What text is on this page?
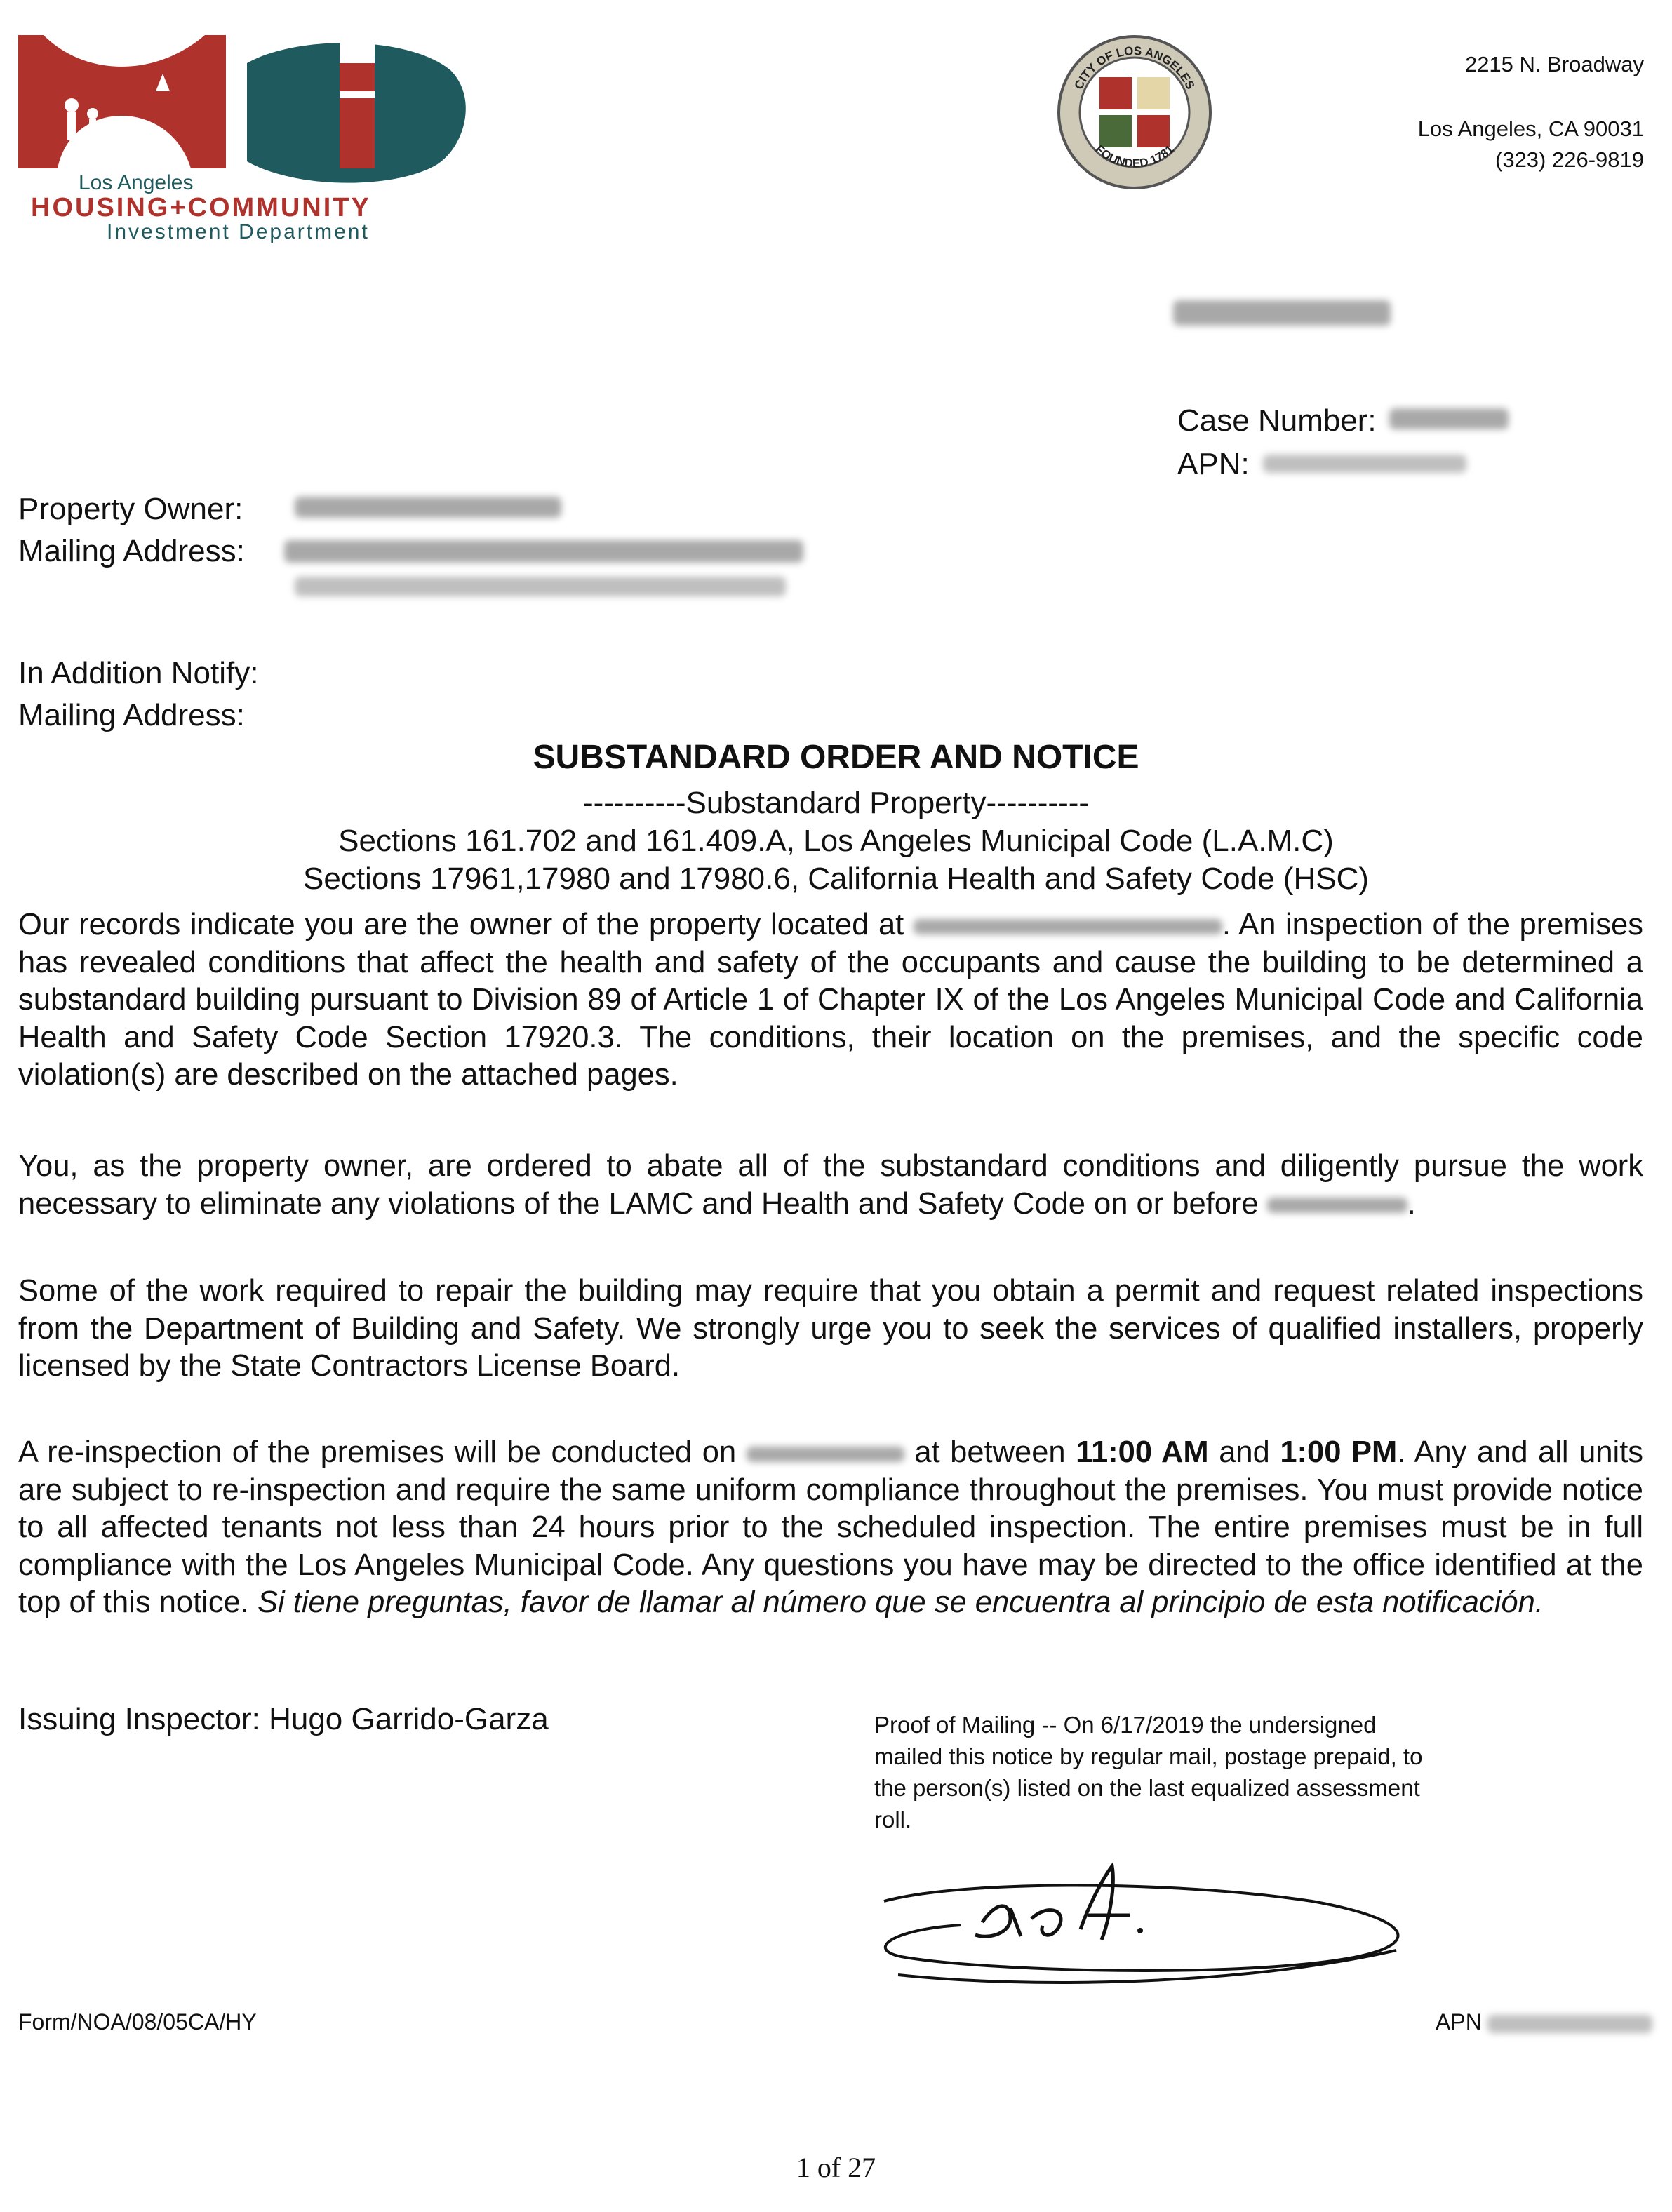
Los Angeles
HOUSING+COMMUNITY
Investment Department
CITY OF LOS ANGELES
FOUNDED 1781
2215 N. Broadway
Los Angeles, CA 90031
(323) 226-9819
Case Number:
APN:
Property Owner:
Mailing Address:
In Addition Notify:
Mailing Address:
SUBSTANDARD ORDER AND NOTICE
----------Substandard Property----------
Sections 161.702 and 161.409.A, Los Angeles Municipal Code (L.A.M.C)
Sections 17961,17980 and 17980.6, California Health and Safety Code (HSC)

Our records indicate you are the owner of the property located at	. An inspection of the premises has revealed conditions that affect the health and safety of the occupants and cause the building to be determined a substandard building pursuant to Division 89 of Article 1 of Chapter IX of the Los Angeles Municipal Code and California Health and Safety Code Section 17920.3. The conditions, their location on the premises, and the specific code violation(s) are described on the attached pages.

You, as the property owner, are ordered to abate all of the substandard conditions and diligently pursue the work necessary to eliminate any violations of the LAMC and Health and Safety Code on or before	.

Some of the work required to repair the building may require that you obtain a permit and request related inspections from the Department of Building and Safety. We strongly urge you to seek the services of qualified installers, properly licensed by the State Contractors License Board.

A re-inspection of the premises will be conducted on	at between 11:00 AM and 1:00 PM. Any and all units are subject to re-inspection and require the same uniform compliance throughout the premises. You must provide notice to all affected tenants not less than 24 hours prior to the scheduled inspection. The entire premises must be in full compliance with the Los Angeles Municipal Code. Any questions you have may be directed to the office identified at the top of this notice. Si tiene preguntas, favor de llamar al número que se encuentra al principio de esta notificación.

Issuing Inspector: Hugo Garrido-Garza	Proof of Mailing -- On 6/17/2019 the undersigned mailed this notice by regular mail, postage prepaid, to the person(s) listed on the last equalized assessment roll.
Form/NOA/08/05CA/HY	APN
1 of 27
